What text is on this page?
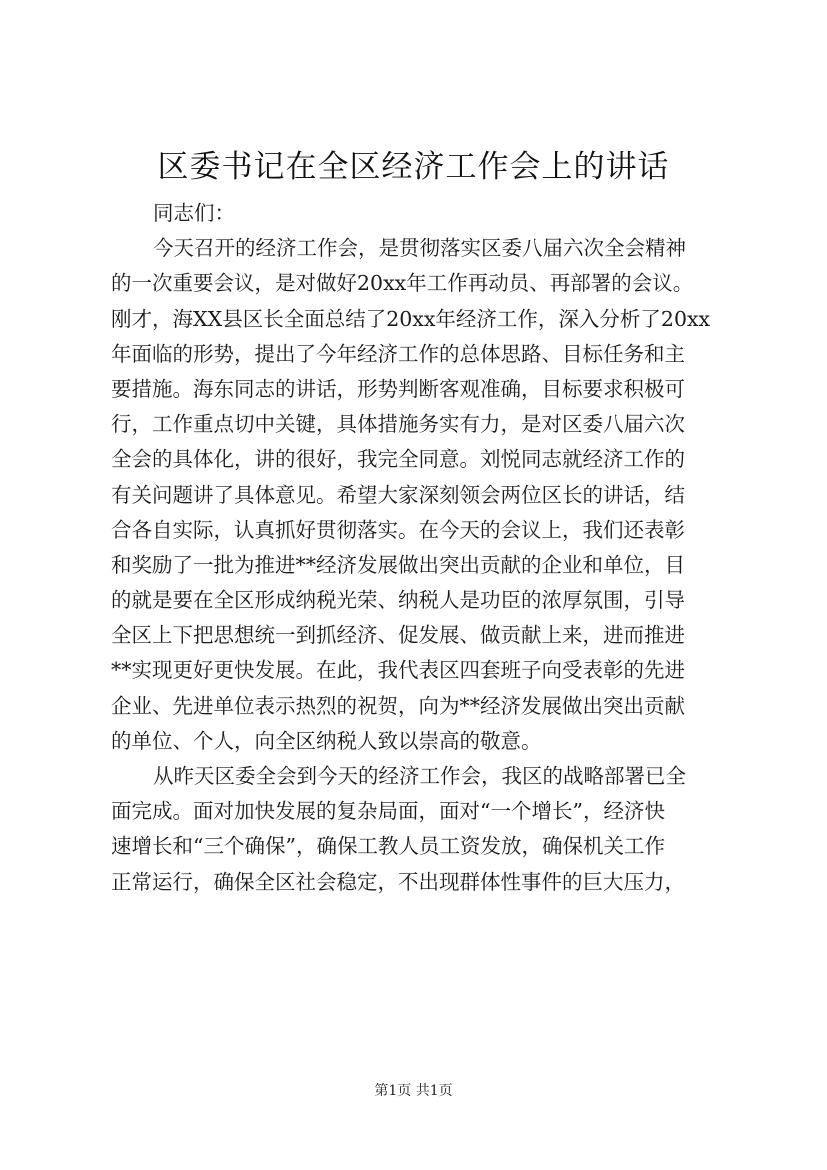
区委书记在全区经济工作会上的讲话
同志们：
今天召开的经济工作会，是贯彻落实区委八届六次全会精神
的一次重要会议，是对做好20xx年工作再动员、再部署的会议。
刚才，海XX县区长全面总结了20xx年经济工作，深入分析了20xx
年面临的形势，提出了今年经济工作的总体思路、目标任务和主
要措施。海东同志的讲话，形势判断客观准确，目标要求积极可
行，工作重点切中关键，具体措施务实有力，是对区委八届六次
全会的具体化，讲的很好，我完全同意。刘悦同志就经济工作的
有关问题讲了具体意见。希望大家深刻领会两位区长的讲话，结
合各自实际，认真抓好贯彻落实。在今天的会议上，我们还表彰
和奖励了一批为推进**经济发展做出突出贡献的企业和单位，目
的就是要在全区形成纳税光荣、纳税人是功臣的浓厚氛围，引导
全区上下把思想统一到抓经济、促发展、做贡献上来，进而推进
**实现更好更快发展。在此，我代表区四套班子向受表彰的先进
企业、先进单位表示热烈的祝贺，向为**经济发展做出突出贡献
的单位、个人，向全区纳税人致以崇高的敬意。
从昨天区委全会到今天的经济工作会，我区的战略部署已全
面完成。面对加快发展的复杂局面，面对“一个增长”，经济快
速增长和“三个确保”，确保工教人员工资发放，确保机关工作
正常运行，确保全区社会稳定，不出现群体性事件的巨大压力，
第1页 共1页
